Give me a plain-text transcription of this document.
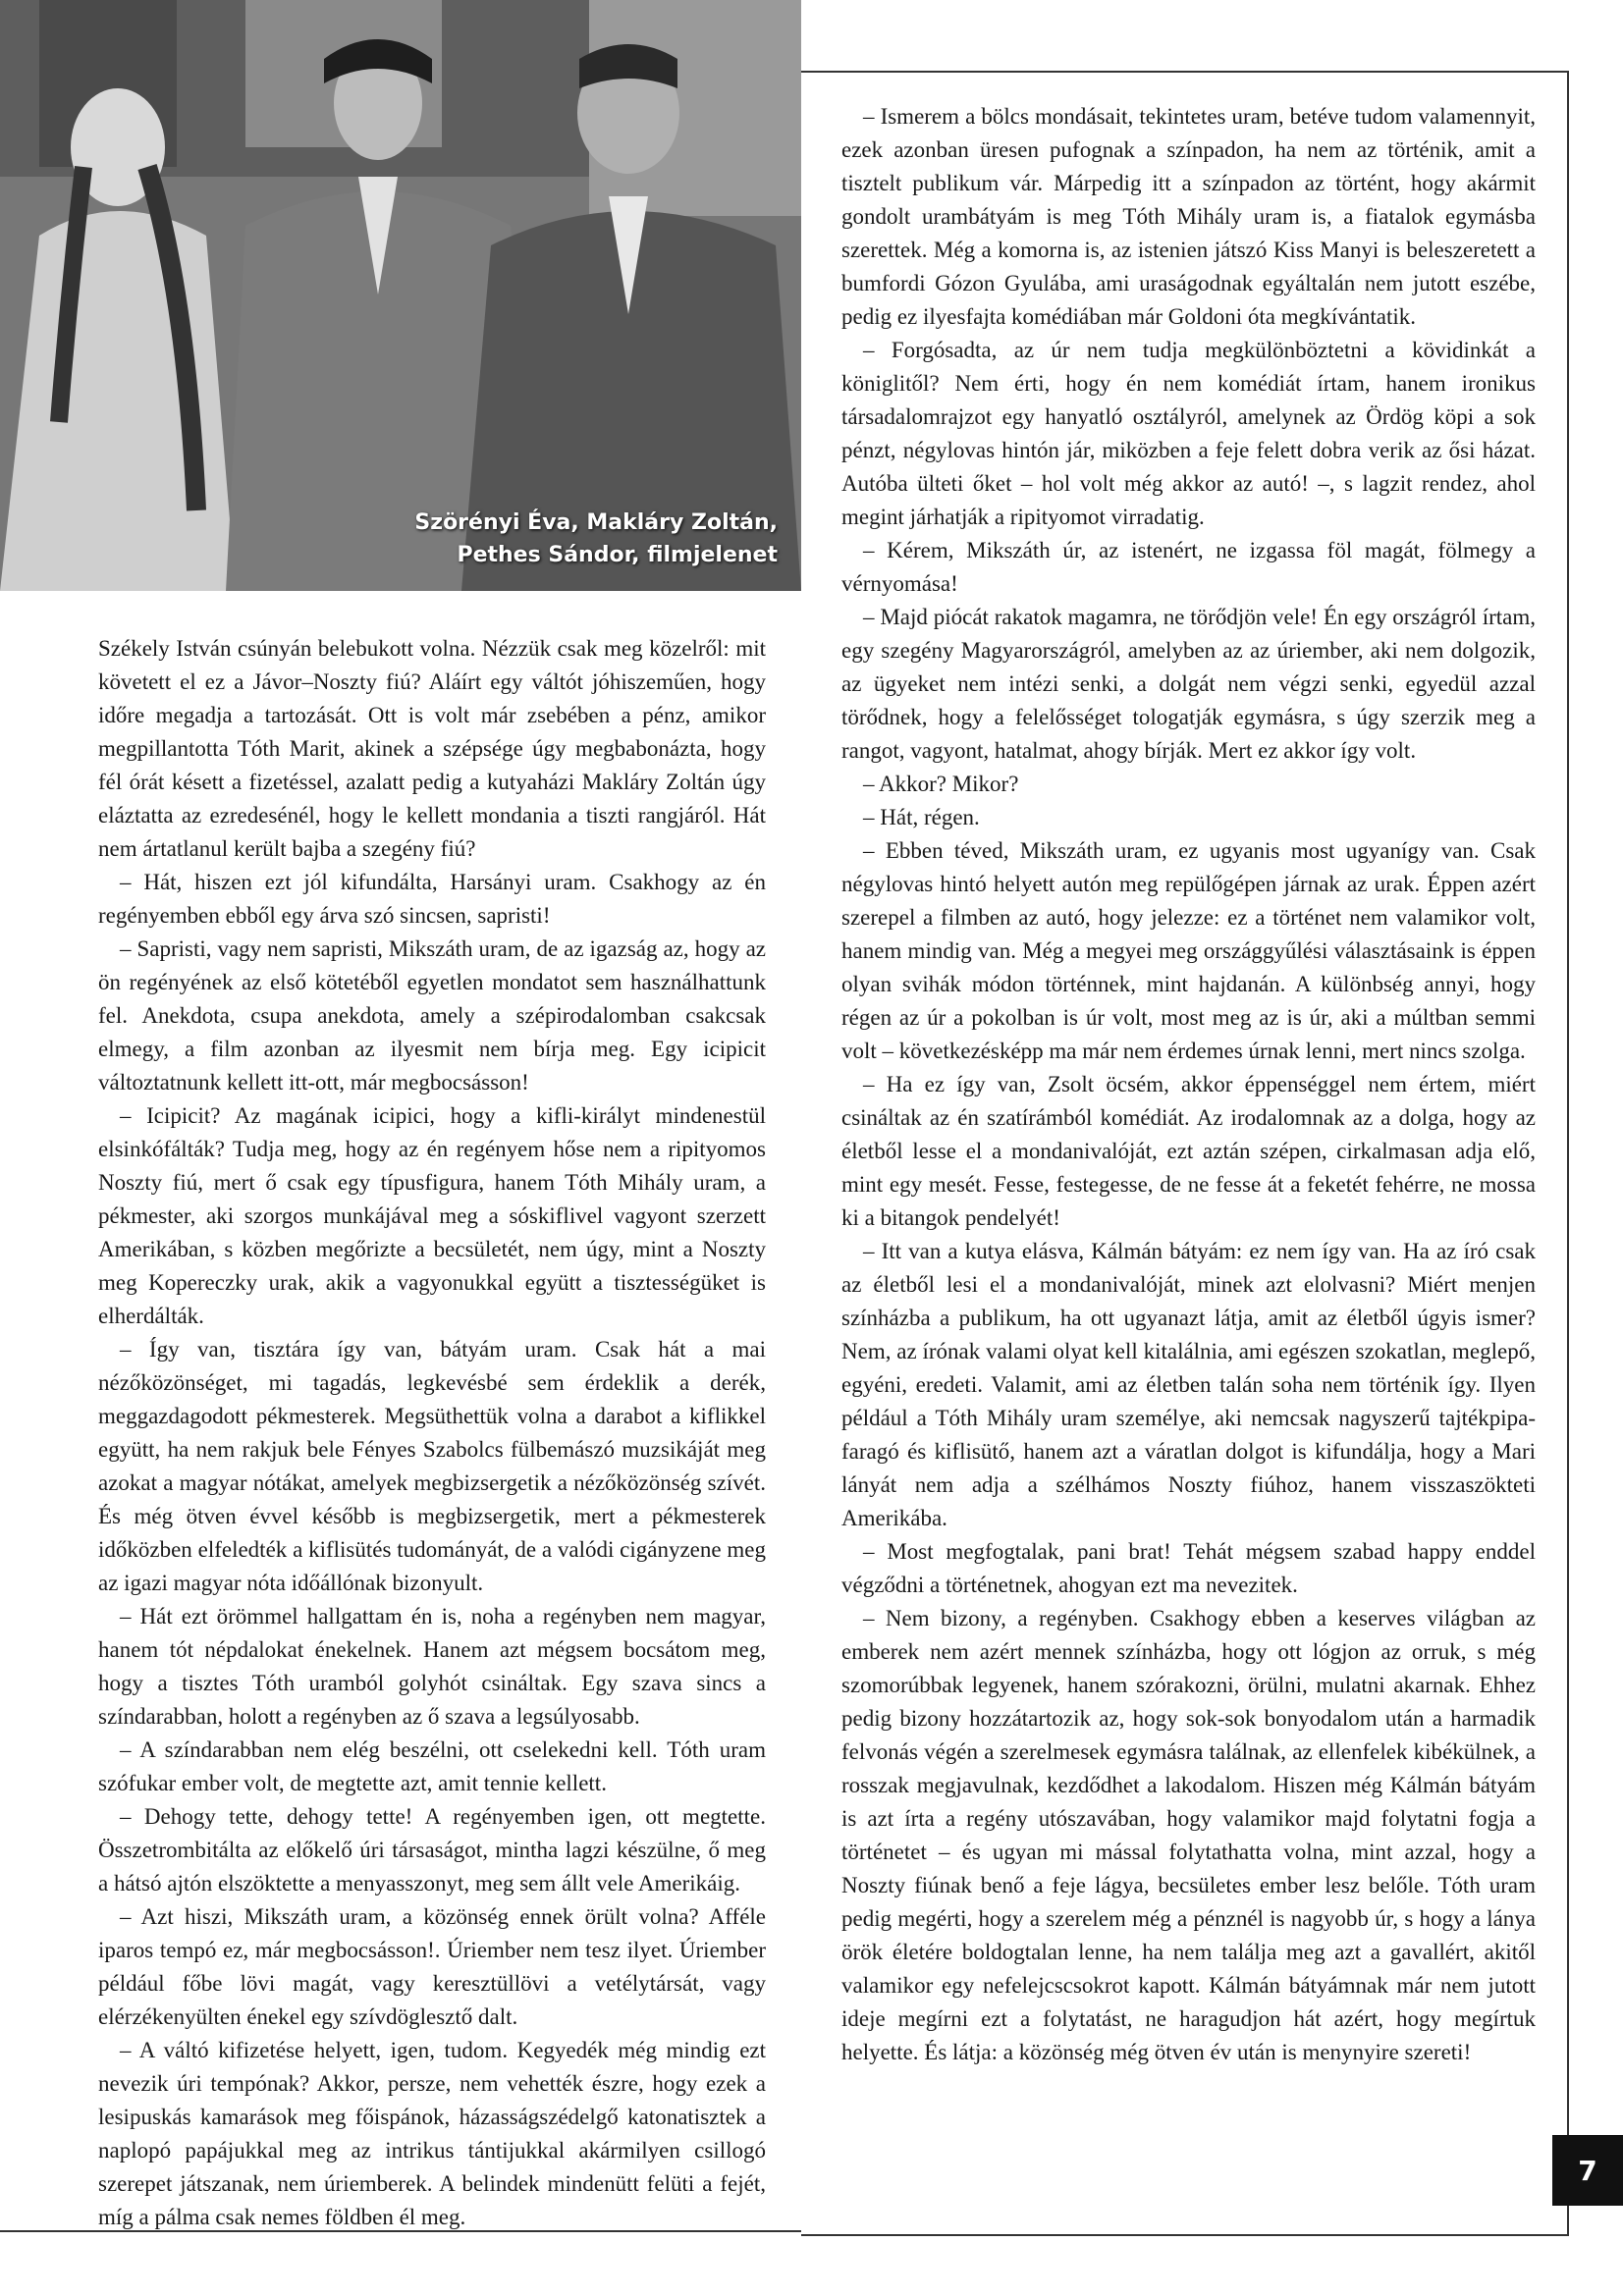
Szörényi Éva, Makláry Zoltán,
Pethes Sándor, filmjelenet

Székely István csúnyán belebukott volna. Nézzük csak meg közelről: mit követett el ez a Jávor–Noszty fiú? Aláírt egy váltót jóhiszeműen, hogy időre megadja a tartozását. Ott is volt már zsebében a pénz, amikor megpillantotta Tóth Marit, akinek a szépsége úgy megbabonázta, hogy fél órát késett a fizetéssel, azalatt pedig a kutyaházi Makláry Zoltán úgy eláztatta az ezredesénél, hogy le kellett mondania a tiszti rangjáról. Hát nem ártatlanul került bajba a szegény fiú?

– Hát, hiszen ezt jól kifundálta, Harsányi uram. Csakhogy az én regényemben ebből egy árva szó sincsen, sapristi!

– Sapristi, vagy nem sapristi, Mikszáth uram, de az igazság az, hogy az ön regényének az első kötetéből egyetlen mondatot sem használhattunk fel. Anekdota, csupa anekdota, amely a szépirodalomban csakcsak elmegy, a film azonban az ilyesmit nem bírja meg. Egy icipicit változtatnunk kellett itt-ott, már megbocsásson!

– Icipicit? Az magának icipici, hogy a kifli-királyt mindenestül elsinkófálták? Tudja meg, hogy az én regényem hőse nem a ripityomos Noszty fiú, mert ő csak egy típusfigura, hanem Tóth Mihály uram, a pékmester, aki szorgos munkájával meg a sóskiflivel vagyont szerzett Amerikában, s közben megőrizte a becsületét, nem úgy, mint a Noszty meg Kopereczky urak, akik a vagyonukkal együtt a tisztességüket is elherdálták.

– Így van, tisztára így van, bátyám uram. Csak hát a mai nézőközönséget, mi tagadás, legkevésbé sem érdeklik a derék, meggazdagodott pékmesterek. Megsüthettük volna a darabot a kiflikkel együtt, ha nem rakjuk bele Fényes Szabolcs fülbemászó muzsikáját meg azokat a magyar nótákat, amelyek megbizsergetik a nézőközönség szívét. És még ötven évvel később is megbizsergetik, mert a pékmesterek időközben elfeledték a kiflisütés tudományát, de a valódi cigányzene meg az igazi magyar nóta időállónak bizonyult.

– Hát ezt örömmel hallgattam én is, noha a regényben nem magyar, hanem tót népdalokat énekelnek. Hanem azt mégsem bocsátom meg, hogy a tisztes Tóth uramból golyhót csináltak. Egy szava sincs a színdarabban, holott a regényben az ő szava a legsúlyosabb.

– A színdarabban nem elég beszélni, ott cselekedni kell. Tóth uram szófukar ember volt, de megtette azt, amit tennie kellett.

– Dehogy tette, dehogy tette! A regényemben igen, ott megtette. Összetrombitálta az előkelő úri társaságot, mintha lagzi készülne, ő meg a hátsó ajtón elszöktette a menyasszonyt, meg sem állt vele Amerikáig.

– Azt hiszi, Mikszáth uram, a közönség ennek örült volna? Afféle iparos tempó ez, már megbocsásson!. Úriember nem tesz ilyet. Úriember például főbe lövi magát, vagy keresztüllövi a vetélytársát, vagy elérzékenyülten énekel egy szívdöglesztő dalt.

– A váltó kifizetése helyett, igen, tudom. Kegyedék még mindig ezt nevezik úri tempónak? Akkor, persze, nem vehették észre, hogy ezek a lesipuskás kamarások meg főispánok, házasságszédelgő katonatisztek a naplopó papájukkal meg az intrikus tántijukkal akármilyen csillogó szerepet játszanak, nem úriemberek. A belindek mindenütt felüti a fejét, míg a pálma csak nemes földben él meg.

– Ismerem a bölcs mondásait, tekintetes uram, betéve tudom valamennyit, ezek azonban üresen pufognak a színpadon, ha nem az történik, amit a tisztelt publikum vár. Márpedig itt a színpadon az történt, hogy akármit gondolt urambátyám is meg Tóth Mihály uram is, a fiatalok egymásba szerettek. Még a komorna is, az istenien játszó Kiss Manyi is beleszeretett a bumfordi Gózon Gyulába, ami uraságodnak egyáltalán nem jutott eszébe, pedig ez ilyesfajta komédiában már Goldoni óta megkívántatik.

– Forgósadta, az úr nem tudja megkülönböztetni a kövidinkát a königlitől? Nem érti, hogy én nem komédiát írtam, hanem ironikus társadalomrajzot egy hanyatló osztályról, amelynek az Ördög köpi a sok pénzt, négylovas hintón jár, miközben a feje felett dobra verik az ősi házat. Autóba ülteti őket – hol volt még akkor az autó! –, s lagzit rendez, ahol megint járhatják a ripityomot virradatig.

– Kérem, Mikszáth úr, az istenért, ne izgassa föl magát, fölmegy a vérnyomása!

– Majd piócát rakatok magamra, ne törődjön vele! Én egy országról írtam, egy szegény Magyarországról, amelyben az az úriember, aki nem dolgozik, az ügyeket nem intézi senki, a dolgát nem végzi senki, egyedül azzal törődnek, hogy a felelősséget tologatják egymásra, s úgy szerzik meg a rangot, vagyont, hatalmat, ahogy bírják. Mert ez akkor így volt.

– Akkor? Mikor?

– Hát, régen.

– Ebben téved, Mikszáth uram, ez ugyanis most ugyanígy van. Csak négylovas hintó helyett autón meg repülőgépen járnak az urak. Éppen azért szerepel a filmben az autó, hogy jelezze: ez a történet nem valamikor volt, hanem mindig van. Még a megyei meg országgyűlési választásaink is éppen olyan svihák módon történnek, mint hajdanán. A különbség annyi, hogy régen az úr a pokolban is úr volt, most meg az is úr, aki a múltban semmi volt – következésképp ma már nem érdemes úrnak lenni, mert nincs szolga.

– Ha ez így van, Zsolt öcsém, akkor éppenséggel nem értem, miért csináltak az én szatírámból komédiát. Az irodalomnak az a dolga, hogy az életből lesse el a mondanivalóját, ezt aztán szépen, cirkalmasan adja elő, mint egy mesét. Fesse, festegesse, de ne fesse át a feketét fehérre, ne mossa ki a bitangok pendelyét!

– Itt van a kutya elásva, Kálmán bátyám: ez nem így van. Ha az író csak az életből lesi el a mondanivalóját, minek azt elolvasni? Miért menjen színházba a publikum, ha ott ugyanazt látja, amit az életből úgyis ismer? Nem, az írónak valami olyat kell kitalálnia, ami egészen szokatlan, meglepő, egyéni, eredeti. Valamit, ami az életben talán soha nem történik így. Ilyen például a Tóth Mihály uram személye, aki nemcsak nagyszerű tajtékpipa-faragó és kiflisütő, hanem azt a váratlan dolgot is kifundálja, hogy a Mari lányát nem adja a szélhámos Noszty fiúhoz, hanem visszaszökteti Amerikába.

– Most megfogtalak, pani brat! Tehát mégsem szabad happy enddel végződni a történetnek, ahogyan ezt ma nevezitek.

– Nem bizony, a regényben. Csakhogy ebben a keserves világban az emberek nem azért mennek színházba, hogy ott lógjon az orruk, s még szomorúbbak legyenek, hanem szórakozni, örülni, mulatni akarnak. Ehhez pedig bizony hozzátartozik az, hogy sok-sok bonyodalom után a harmadik felvonás végén a szerelmesek egymásra találnak, az ellenfelek kibékülnek, a rosszak megjavulnak, kezdődhet a lakodalom. Hiszen még Kálmán bátyám is azt írta a regény utószavában, hogy valamikor majd folytatni fogja a történetet – és ugyan mi mással folytathatta volna, mint azzal, hogy a Noszty fiúnak benő a feje lágya, becsületes ember lesz belőle. Tóth uram pedig megérti, hogy a szerelem még a pénznél is nagyobb úr, s hogy a lánya örök életére boldogtalan lenne, ha nem találja meg azt a gavallért, akitől valamikor egy nefelejcscsokrot kapott. Kálmán bátyámnak már nem jutott ideje megírni ezt a folytatást, ne haragudjon hát azért, hogy megírtuk helyette. És látja: a közönség még ötven év után is menynyire szereti!

7
